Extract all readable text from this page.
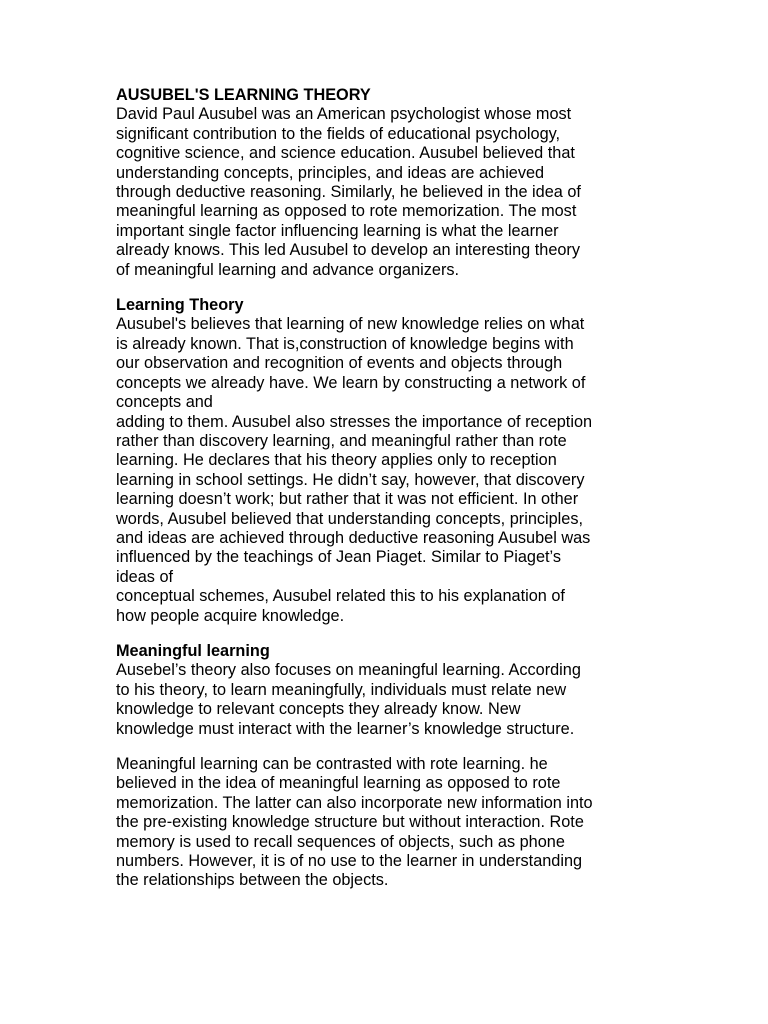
AUSUBEL'S LEARNING THEORY
David Paul Ausubel was an American psychologist whose most
significant contribution to the fields of educational psychology,
cognitive science, and science education. Ausubel believed that
understanding concepts, principles, and ideas are achieved
through deductive reasoning. Similarly, he believed in the idea of
meaningful learning as opposed to rote memorization. The most
important single factor influencing learning is what the learner
already knows. This led Ausubel to develop an interesting theory
of meaningful learning and advance organizers.
Learning Theory
Ausubel's believes that learning of new knowledge relies on what
is already known. That is,construction of knowledge begins with
our observation and recognition of events and objects through
concepts we already have. We learn by constructing a network of
concepts and
adding to them. Ausubel also stresses the importance of reception
rather than discovery learning, and meaningful rather than rote
learning. He declares that his theory applies only to reception
learning in school settings. He didn’t say, however, that discovery
learning doesn’t work; but rather that it was not efficient. In other
words, Ausubel believed that understanding concepts, principles,
and ideas are achieved through deductive reasoning Ausubel was
influenced by the teachings of Jean Piaget. Similar to Piaget’s
ideas of
conceptual schemes, Ausubel related this to his explanation of
how people acquire knowledge.
Meaningful learning
Ausebel’s theory also focuses on meaningful learning. According
to his theory, to learn meaningfully, individuals must relate new
knowledge to relevant concepts they already know. New
knowledge must interact with the learner’s knowledge structure.
Meaningful learning can be contrasted with rote learning. he
believed in the idea of meaningful learning as opposed to rote
memorization. The latter can also incorporate new information into
the pre-existing knowledge structure but without interaction. Rote
memory is used to recall sequences of objects, such as phone
numbers. However, it is of no use to the learner in understanding
the relationships between the objects.
